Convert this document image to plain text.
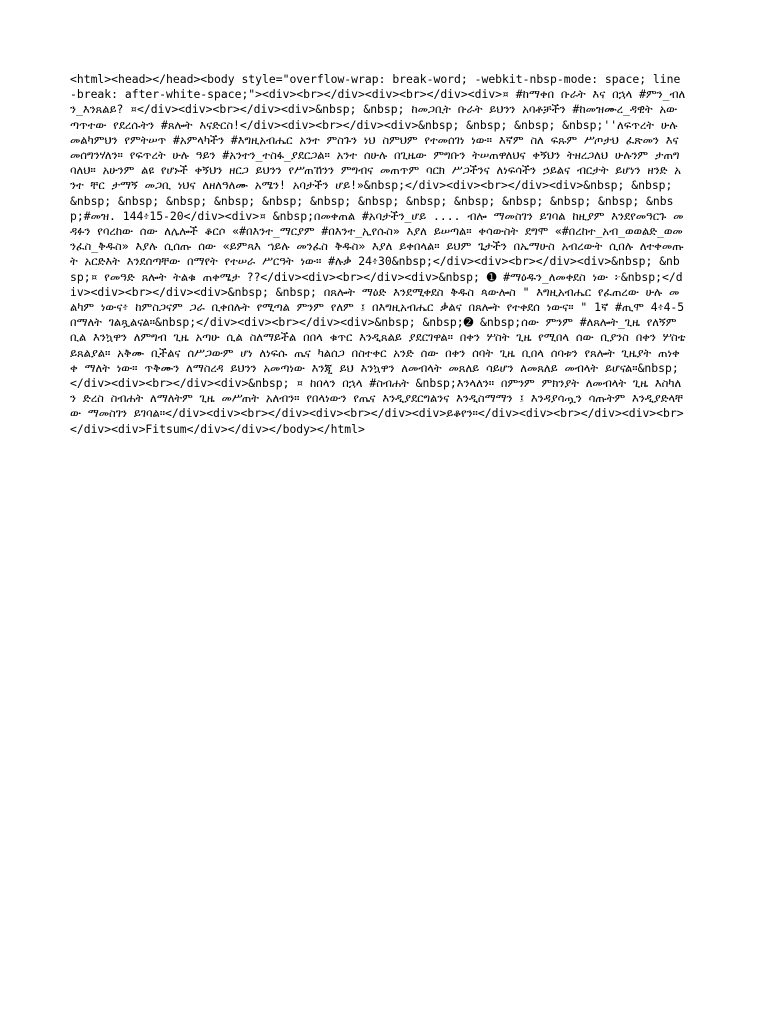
<html><head></head><body style="overflow-wrap: break-word; -webkit-nbsp-mode: space; line-break: after-white-space;"><div><br></div><div><br></div><div>¤ #ከማቀበ ቡራት እና በኋላ #ምን_ብለን_እንጸልይ? ¤</div><div><br></div><div>&nbsp; &nbsp; ከመጋቢት ቡራት ይህንን አባቶቻችን #ከመዝሙረ_ዳዊት አውጣጥተው የደረሱትን #ጸሎት እናድርስ!</div><div><br></div><div>&nbsp; &nbsp; &nbsp; &nbsp;''ለፍጥረት ሁሉ መልካምህን የምትሠጥ #አምላካችን #እግዚአብሔር አንተ ምስጉን ነህ ስምህም የተመሰገነ ነው። እኛም ስለ ፍጹም ሥጦታህ ፈጽመን እናመሰግንሃለን። የፍጥረት ሁሉ ዓይን #አንተን_ተስፋ_ያደርጋል። አንተ ሰሁሉ በጊዜው ምግቡን ትሠጠዋለህና ቀኝህን ትዘረጋለህ ሁሉንም ታጠግባለህ። አሁንም ልዩ የሆኑች ቀኝህን ዘርጋ ይህንን የሥጠኸንን ምግብና መጠጥም ባርክ ሥጋችንና ለነፍሳችን ኃይልና ብርታት ይሆነን ዘንድ አንተ ቸር ታማኝ መጋቢ ነህና ለዘለዓለሙ አሜን! አባታችን ሆይ!»&nbsp;</div><div><br></div><div>&nbsp; &nbsp; &nbsp; &nbsp; &nbsp; &nbsp; &nbsp; &nbsp; &nbsp; &nbsp; &nbsp; &nbsp; &nbsp; &nbsp; &nbsp;#መዝ. 144፥15-20</div><div>¤ &nbsp;በመቀጠል #አባታችን_ሆይ .... ብሎ ማመስገን ይገባል ከዚያም እንደየመዓርጉ መዳፉን የባረከው ሰው ለሌሎች ቆርሶ «#በእንተ_ማርያም #በእንተ_ኢየሱስ» እያለ ይሠጣል። ቀሳውስት ደግሞ «#በረከተ_አብ_ወወልድ_ወመንፈስ_ቅዱስ» እያሉ ሲሰጡ ሰው «ይምጻእ ኀይሉ መንፈስ ቅዱስ» እያለ ይቀበላል። ይህም ጌታችን በኤማሁስ አብረውት ሲበሉ ለተቀመጡት አርድእት እንደሰጣቸው በማየት የተሠራ ሥርዓት ነው። #ሉቃ 24፥30&nbsp;</div><div><br></div><div>&nbsp; &nbsp;¤ የመዓድ ጸሎት ትልቁ ጠቀሜታ ??</div><div><br></div><div>&nbsp; ➊ #ማዕዱን_ለመቀደስ ነው ፦&nbsp;</div><div><br></div><div>&nbsp; &nbsp; በጸሎት ማዕድ እንደሚቀደስ ቅዱስ ጳውሎስ " እግዚአብሔር የፈጠረው ሁሉ መልካም ነውና፥ ከምስጋናም ጋራ ቢቀበሉት የሚጣል ምንም የለም ፤ በእግዚአብሔር ቃልና በጸሎት የተቀደሰ ነውና። " 1ኛ #ጢሞ 4፥4-5 በማለት ገልጿልናል።&nbsp;</div><div><br></div><div>&nbsp; &nbsp;➋ &nbsp;ሰው ምንም #ለጸሎት_ጊዜ የለኝም ቢል እንኳዋን ለምግብ ጊዜ አጣሁ ሲል ስለማይችል በበላ ቁጥር እንዲጸልይ ያደርገዋል። በቀን ሦስት ጊዜ የሚበላ ሰው ቢያንስ በቀን ሦስቴ ይጸልያል። አቅሙ ቢችልና ሰሥጋውም ሆነ ለነፍሱ ጤና ካልሰጋ በስተቀር አንድ ሰው በቀን ሰባት ጊዜ ቢበላ ሰባቱን የጸሎት ጊዜያት ጠነቀቀ ማለት ነው። ጥቅሙን ለማስረዳ ይህንን አመጣነው እንጂ ይህ እንኳዋን ለመብላት መጸለይ ሳይሆን ለመጸለይ መብላት ይሆናል።&nbsp;</div><div><br></div><div>&nbsp; ¤ ከበላን በኋላ #ስብሐት &nbsp;እንላለን። በምንም ምክንያት ለመብላት ጊዜ እስካለን ድረስ ስብሐት ለማለትም ጊዜ መሥጠት አለብን። የበላነውን የጤና እንዲያደርግልንና እንዲስማማን ፤ እንዳያሳጧን ሳጡትም እንዲያድላቸው ማመስገን ይገባል።</div><div><br></div><div><br></div><div>ይቆየን።</div><div><br></div><div><br></div><div>Fitsum</div></div></body></html>
